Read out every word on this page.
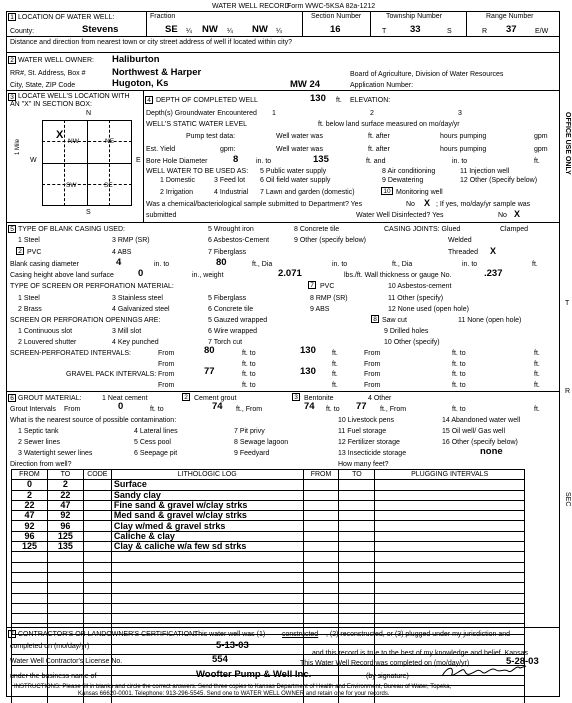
WATER WELL RECORD
Form WWC-5 KSA 82a-1212
1 LOCATION OF WATER WELL:
County:	Stevens
Fraction
SE ¼ NW ¼ NW ¼
Section Number
16
Township Number
T 33	S
Range Number
R 37	E/W
Distance and direction from nearest town or city street address of well if located within city?
2 WATER WELL OWNER: Haliburton
RR#, St. Address, Box #	Northwest & Harper	Board of Agriculture, Division of Water Resources
City, State, ZIP Code	Hugoton, Ks	Application Number:
MW 24
3 LOCATE WELL'S LOCATION WITH
AN "X" IN SECTION BOX:
N
S
W	E
1 Mile	NW	NE
SW	SE
X
4 DEPTH OF COMPLETED WELL	130 ft. ELEVATION:
Depth(s) Groundwater Encountered 1	2	3
WELL'S STATIC WATER LEVEL	ft. below land surface measured on mo/day/yr
Pump test data:	Well water was	ft. after	hours pumping	gpm
Est. Yield	gpm:	Well water was	ft. after	hours pumping	gpm
Bore Hole Diameter	8	in. to	135	ft. and	in. to	ft.
WELL WATER TO BE USED AS:
1 Domestic
2 Irrigation
3 Feed lot
4 Industrial
5 Public water supply
6 Oil field water supply
7 Lawn and garden (domestic)
8 Air conditioning
9 Dewatering
10 Monitoring well
11 Injection well
12 Other (Specify below)
Was a chemical/bacteriological sample submitted to Department? Yes	No X ; If yes, mo/day/yr sample was
submitted	Water Well Disinfected? Yes	No X
5 TYPE OF BLANK CASING USED:
1 Steel
2 PVC
3 RMP (SR)
4 ABS
5 Wrought iron
6 Asbestos-Cement
7 Fiberglass
8 Concrete tile
9 Other (specify below)
CASING JOINTS: Glued	Clamped
Welded
Threaded X
Blank casing diameter	4	in. to	80	ft., Dia	in. to	ft., Dia	in. to	ft.
Casing height above land surface	0	in., weight	2.071	lbs./ft. Wall thickness or gauge No.	.237
TYPE OF SCREEN OR PERFORATION MATERIAL:
1 Steel
2 Brass
3 Stainless steel
4 Galvanized steel
5 Fiberglass
6 Concrete tile
7 PVC
8 RMP (SR)
9 ABS
10 Asbestos-cement
11 Other (specify)
12 None used (open hole)
SCREEN OR PERFORATION OPENINGS ARE:
1 Continuous slot
2 Louvered shutter
3 Mill slot
4 Key punched
5 Gauzed wrapped
6 Wire wrapped
7 Torch cut
8 Saw cut
9 Drilled holes
10 Other (specify)
11 None (open hole)
SCREEN-PERFORATED INTERVALS:	From	80	ft. to	130 ft.	From	ft. to	ft.
From	ft. to	ft.	From	ft. to	ft.
GRAVEL PACK INTERVALS: From	77	ft. to	130 ft.	From	ft. to	ft.
From	ft. to	ft.	From	ft. to	ft.
6 GROUT MATERIAL:	1 Neat cement	2 Cement grout	3 Bentonite	4 Other
Grout Intervals From	0	ft. to	74 ft., From	74 ft. to 77 ft., From	ft. to	ft.
What is the nearest source of possible contamination:
1 Septic tank
2 Sewer lines
3 Watertight sewer lines
4 Lateral lines
5 Cess pool
6 Seepage pit
7 Pit privy
8 Sewage lagoon
9 Feedyard
10 Livestock pens
11 Fuel storage
12 Fertilizer storage
13 Insecticide storage
14 Abandoned water well
15 Oil well/ Gas well
16 Other (specify below)
none
Direction from well?	How many feet?
FROM	TO	CODE	LITHOLOGIC LOG	FROM	TO	PLUGGING INTERVALS
0	2		Surface			
2	22		Sandy clay			
22	47		Fine sand & gravel w/clay strks			
47	92		Med sand & gravel w/clay strks			
92	96		Clay w/med & gravel strks			
96	125		Caliche & clay			
125	135		Clay & caliche w/a few sd strks			

7 CONTRACTOR'S OR LANDOWNER'S CERTIFICATION:
This water well was (1) constructed , (2) reconstructed, or (3) plugged under my jurisdiction and
completed on (mo/day/yr)	5-13-03
and this record is true to the best of my knowledge and belief. Kansas
Water Well Contractor's License No.	554	This Water Well Record was completed on (mo/day/yr)	5-28-03
under the business name of	Woofter Pump & Well Inc.	(by signature)
INSTRUCTIONS: Please fill in blanks and circle the correct answers. Send three copies to Kansas Department of Health and Environment, Bureau of Water, Topeka,
Kansas 66620-0001. Telephone: 913-296-5545. Send one to WATER WELL OWNER and retain one for your records.
OFFICE USE ONLY
T
R
SEC
